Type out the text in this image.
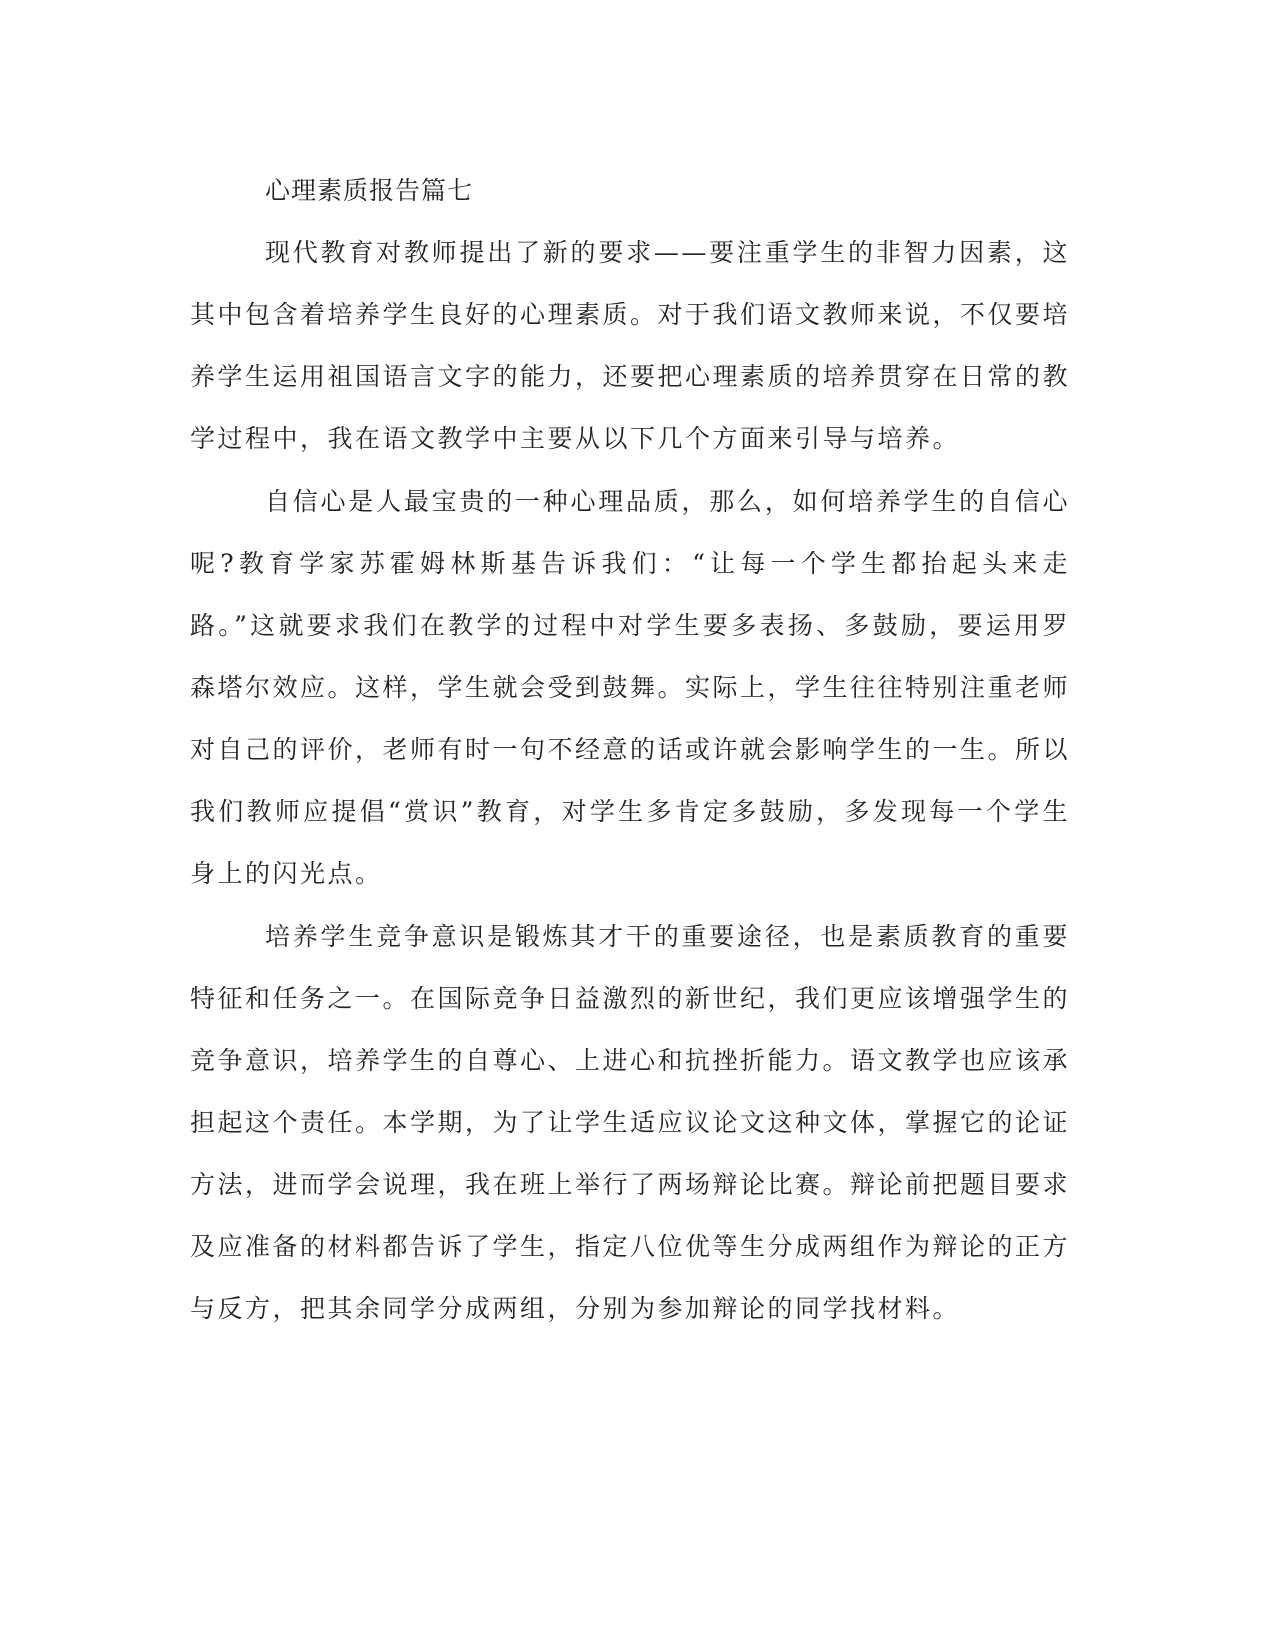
心理素质报告篇七

现代教育对教师提出了新的要求——要注重学生的非智力因素，这其中包含着培养学生良好的心理素质。对于我们语文教师来说，不仅要培养学生运用祖国语言文字的能力，还要把心理素质的培养贯穿在日常的教学过程中，我在语文教学中主要从以下几个方面来引导与培养。

自信心是人最宝贵的一种心理品质，那么，如何培养学生的自信心呢?教育学家苏霍姆林斯基告诉我们：“让每一个学生都抬起头来走路。”这就要求我们在教学的过程中对学生要多表扬、多鼓励，要运用罗森塔尔效应。这样，学生就会受到鼓舞。实际上，学生往往特别注重老师对自己的评价，老师有时一句不经意的话或许就会影响学生的一生。所以我们教师应提倡“赏识”教育，对学生多肯定多鼓励，多发现每一个学生身上的闪光点。

培养学生竞争意识是锻炼其才干的重要途径，也是素质教育的重要特征和任务之一。在国际竞争日益激烈的新世纪，我们更应该增强学生的竞争意识，培养学生的自尊心、上进心和抗挫折能力。语文教学也应该承担起这个责任。本学期，为了让学生适应议论文这种文体，掌握它的论证方法，进而学会说理，我在班上举行了两场辩论比赛。辩论前把题目要求及应准备的材料都告诉了学生，指定八位优等生分成两组作为辩论的正方与反方，把其余同学分成两组，分别为参加辩论的同学找材料。
